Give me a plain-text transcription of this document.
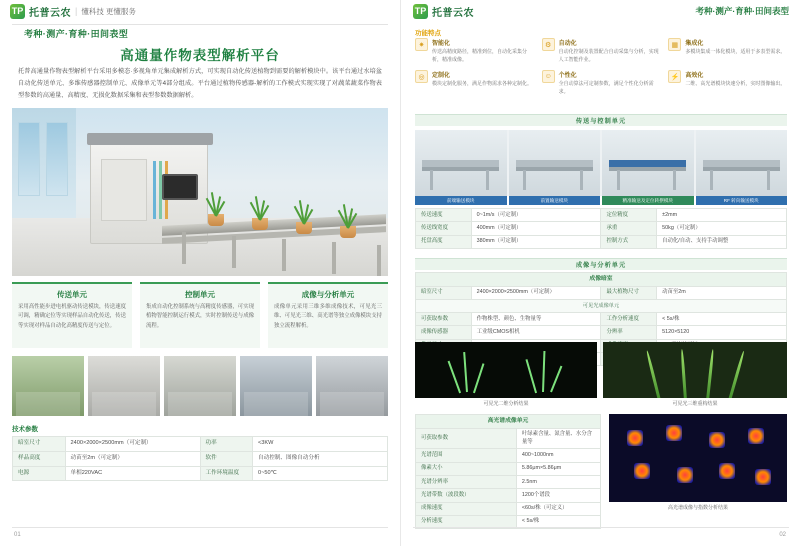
TP 托普云农 | 懂科技 更懂服务
考种·测产·育种·田间表型
高通量作物表型解析平台
托普高通量作物表型解析平台采用多模态·多视角单元集成解析方式，可实现自动化传送植物到需要的解析模块中。该平台通过水培盆自动化传送单元、多维传感器控制单元、成像单元等4部分组成。平台通过植物传感器-解析的工作模式实现实现了对蔬菜蔬菜作物表型参数的高通量、高精度、无损化数据采集和表型参数数据解析。
传送单元

采用高性能步进电机驱动传送模块，传送速度可调，精确定位等实现样品自动化传送，传送等实现对样品自动化高精度传送与定位。

控制单元

集成自动化控制系统与高精度传感器，可实现植物智能控制运行模式，实时控制传送与成像流程。

成像与分析单元

成像单元采用三维多维成像技术，可见光三维、可见光三维、高光谱等独立成像模块支持独立流程解析。

技术参数
暗室尺寸	2400×2000×2500mm（可定制）	功率	<3KW
样品高度	动苗至2m（可定制）	软件	自动控制、图像自动分析
电源	单相220VAC	工作环境温度	0~50℃
01
TP 托普云农	考种·测产·育种·田间表型
功能特点
✷	智能化

传送高精度路径，精准到位，自动化采集分析，精准成像。

⚙	自动化

自动化控制及装置配合自动采集与分析，实现人工智能作业。

▦	集成化

多模块集成一体化模块，适用于多表型需求。

◎	定制化

模块定制化服务，满足作物需求各种定制化。

☺	个性化

全自动算法可定制参数，满足个性化分析需求。

⚡	高效化

二维、高光谱模块快速分析，实时图像输出。

传送与控制单元
前端输送模块	前置输送模块	精准输送及定位转摆模块	RF 转向输送模块
传送速度	0~1m/s（可定制）	定位精度	±2mm
传送线宽度	400mm（可定制）	承重	50kg（可定制）
托盘高度	380mm（可定制）	控制方式	自动化/自动、支持手动调整
成像与分析单元
成像暗室			
暗室尺寸	2400×2000×2500mm（可定制）	最大植物尺寸	动苗至2m
可见光成像单元			
可获取参数	作物株型、颜色、生物量等	工作分析速度	< 5s/株
成像传感器	工业级CMOS相机	分辨率	5120×5120

可见光二维分析结果	可见光三维重构结果
高光谱成像单元	
可获取参数	叶绿素含量、氮含量、水分含量等
光谱范围	400~1000nm
像素大小	5.86μm×5.86μm
光谱分辨率	2.5nm
光谱带数（波段数）	1200个谱段
成像速度	<60s/株（可定义）
分析速度	< 5s/株
高光谱成像与指数分析结果
02
